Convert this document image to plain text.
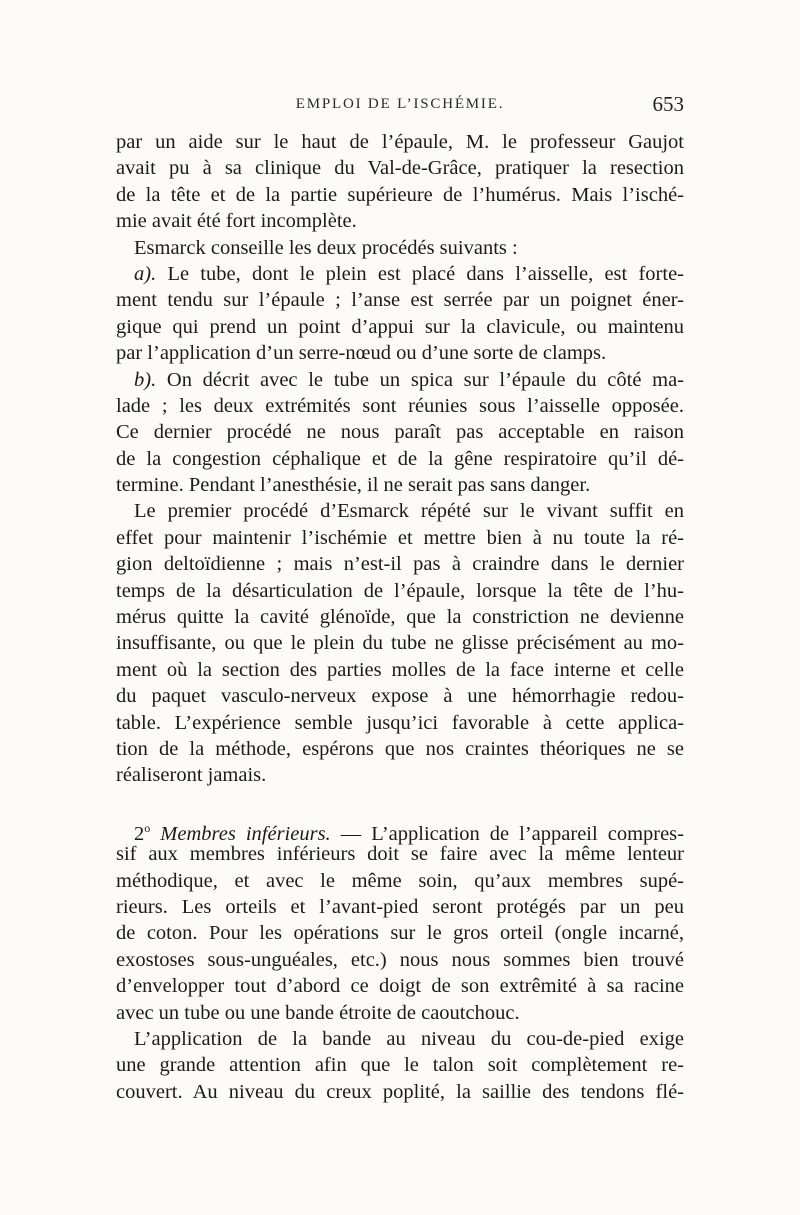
EMPLOI DE L’ISCHÉMIE.	653
par un aide sur le haut de l’épaule, M. le professeur Gaujot
avait pu à sa clinique du Val-de-Grâce, pratiquer la resection
de la tête et de la partie supérieure de l’humérus. Mais l’isché-
mie avait été fort incomplète.
Esmarck conseille les deux procédés suivants :
a). Le tube, dont le plein est placé dans l’aisselle, est forte-
ment tendu sur l’épaule ; l’anse est serrée par un poignet éner-
gique qui prend un point d’appui sur la clavicule, ou maintenu
par l’application d’un serre-nœud ou d’une sorte de clamps.
b). On décrit avec le tube un spica sur l’épaule du côté ma-
lade ; les deux extrémités sont réunies sous l’aisselle opposée.
Ce dernier procédé ne nous paraît pas acceptable en raison
de la congestion céphalique et de la gêne respiratoire qu’il dé-
termine. Pendant l’anesthésie, il ne serait pas sans danger.
Le premier procédé d’Esmarck répété sur le vivant suffit en
effet pour maintenir l’ischémie et mettre bien à nu toute la ré-
gion deltoïdienne ; mais n’est-il pas à craindre dans le dernier
temps de la désarticulation de l’épaule, lorsque la tête de l’hu-
mérus quitte la cavité glénoïde, que la constriction ne devienne
insuffisante, ou que le plein du tube ne glisse précisément au mo-
ment où la section des parties molles de la face interne et celle
du paquet vasculo-nerveux expose à une hémorrhagie redou-
table. L’expérience semble jusqu’ici favorable à cette applica-
tion de la méthode, espérons que nos craintes théoriques ne se
réaliseront jamais.
2$^o$ Membres inférieurs. — L’application de l’appareil compres-
sif aux membres inférieurs doit se faire avec la même lenteur
méthodique, et avec le même soin, qu’aux membres supé-
rieurs. Les orteils et l’avant-pied seront protégés par un peu
de coton. Pour les opérations sur le gros orteil (ongle incarné,
exostoses sous-unguéales, etc.) nous nous sommes bien trouvé
d’envelopper tout d’abord ce doigt de son extrêmité à sa racine
avec un tube ou une bande étroite de caoutchouc.
L’application de la bande au niveau du cou-de-pied exige
une grande attention afin que le talon soit complètement re-
couvert. Au niveau du creux poplité, la saillie des tendons flé-
